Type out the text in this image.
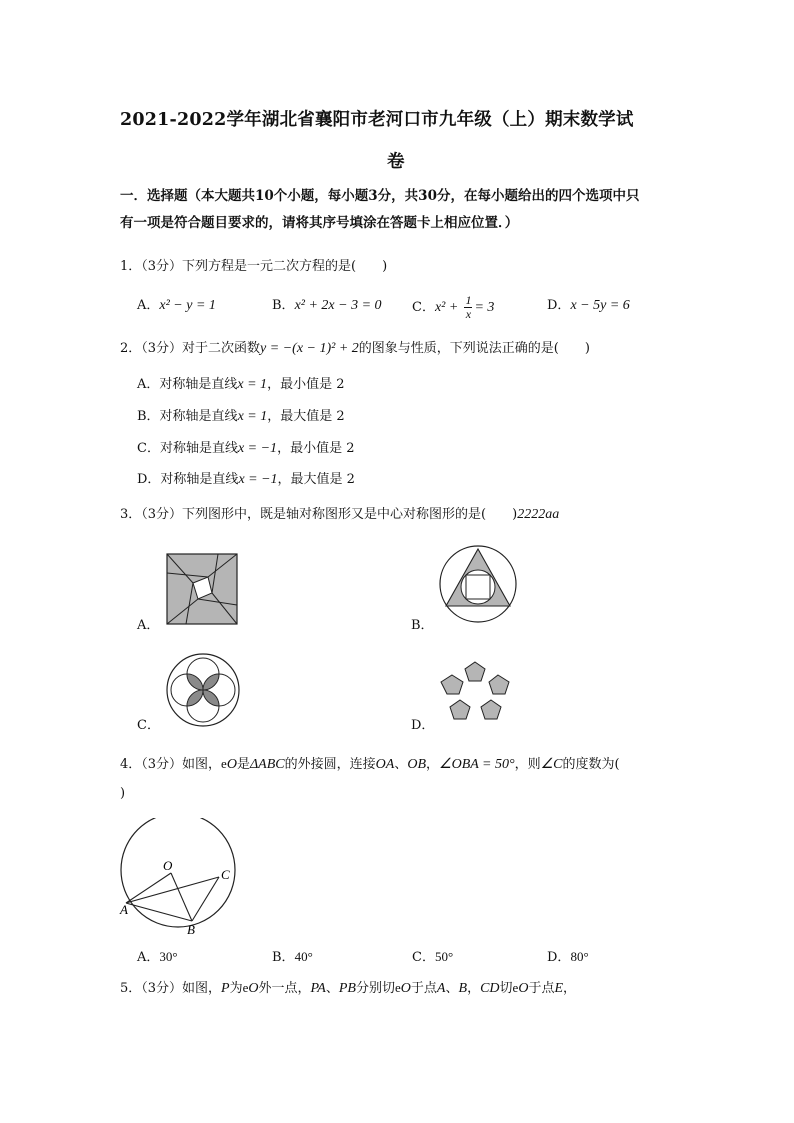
2021-2022学年湖北省襄阳市老河口市九年级（上）期末数学试
卷
一．选择题（本大题共10个小题，每小题3分，共30分，在每小题给出的四个选项中只
有一项是符合题目要求的，请将其序号填涂在答题卡上相应位置．）
1．（3分）下列方程是一元二次方程的是(　　)
A．x² − y = 1	B．x² + 2x − 3 = 0 C．$x^2 + \frac{1}{x} = 3$	D．x − 5y = 6
2．（3分）对于二次函数y = −(x − 1)² + 2的图象与性质，下列说法正确的是(　　)
A．对称轴是直线x = 1，最小值是 2
B．对称轴是直线x = 1，最大值是 2
C．对称轴是直线x = −1，最小值是 2
D．对称轴是直线x = −1，最大值是 2
3．（3分）下列图形中，既是轴对称图形又是中心对称图形的是(　　)2222aa
A．	B．
C．	D．
4．（3分）如图，eO是ΔABC的外接圆，连接OA、OB，∠OBA = 50°，则∠C的度数为(
)
O
A
B
C
A．30°	B．40°	C．50°	D．80°
5．（3分）如图，P为eO外一点，PA、PB分别切eO于点A、B，CD切eO于点E，
